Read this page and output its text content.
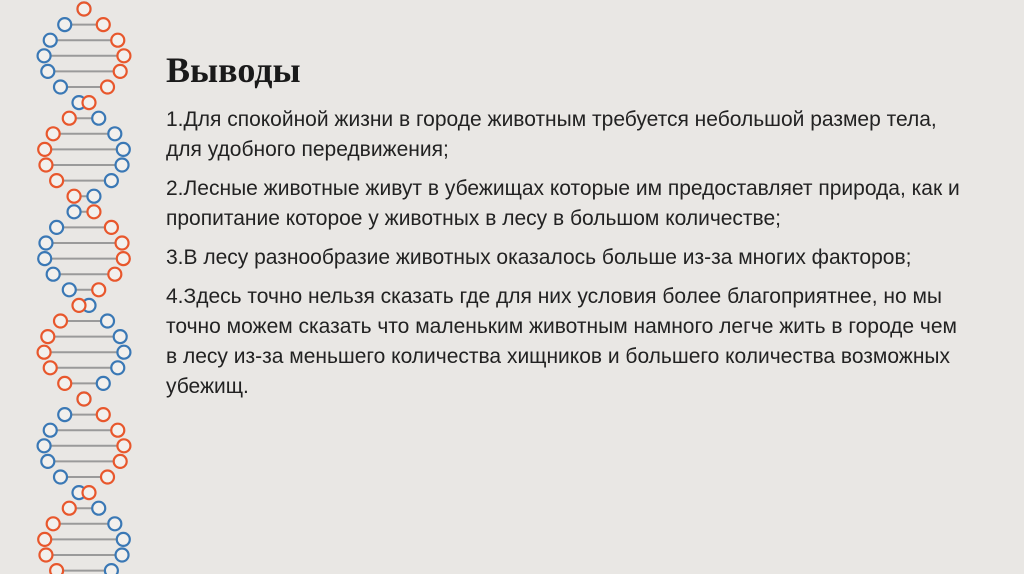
Выводы

1.Для спокойной жизни в городе животным требуется небольшой размер тела, для удобного передвижения;

2.Лесные животные живут в убежищах которые им предоставляет природа, как и пропитание которое у животных в лесу в большом количестве;

3.В лесу разнообразие животных оказалось больше из-за многих факторов;

4.Здесь точно нельзя сказать где для них условия более благоприятнее, но мы точно можем сказать что маленьким животным намного легче жить в городе чем в лесу из-за меньшего количества хищников и большего количества возможных убежищ.
